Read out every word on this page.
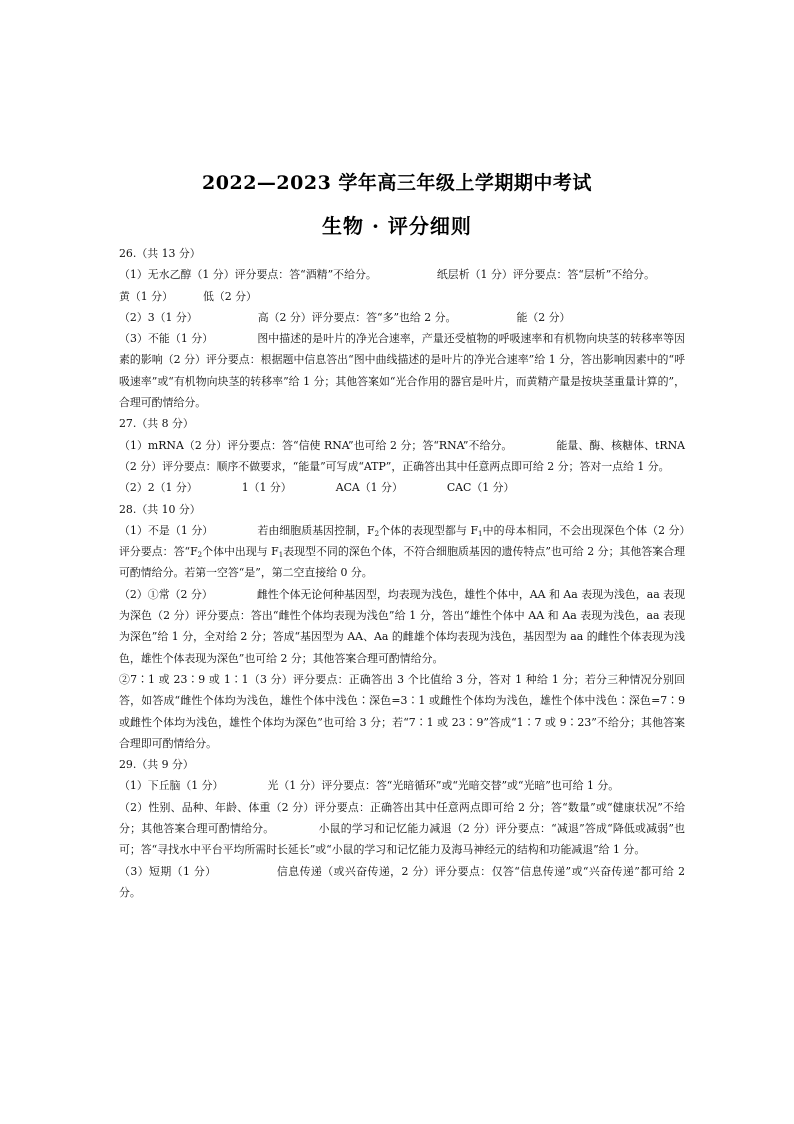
2022—2023 学年高三年级上学期期中考试
生物 · 评分细则

26.（共 13 分）

（1）无水乙醇（1 分）评分要点：答“酒精”不给分。	纸层析（1 分）评分要点：答“层析”不给分。黄（1 分）	低（2 分）

（2）3（1 分）	高（2 分）评分要点：答“多”也给 2 分。	能（2 分）

（3）不能（1 分）	图中描述的是叶片的净光合速率，产量还受植物的呼吸速率和有机物向块茎的转移率等因素的影响（2 分）评分要点：根据题中信息答出“图中曲线描述的是叶片的净光合速率”给 1 分，答出影响因素中的“呼吸速率”或“有机物向块茎的转移率”给 1 分；其他答案如“光合作用的器官是叶片，而黄精产量是按块茎重量计算的”，合理可酌情给分。

27.（共 8 分）

（1）mRNA（2 分）评分要点：答“信使 RNA”也可给 2 分；答“RNA”不给分。	能量、酶、核糖体、tRNA（2 分）评分要点：顺序不做要求，“能量”可写成“ATP”，正确答出其中任意两点即可给 2 分；答对一点给 1 分。

（2）2（1 分）	1（1 分）	ACA（1 分）	CAC（1 分）

28.（共 10 分）

（1）不是（1 分）	若由细胞质基因控制，$F_2$个体的表现型都与 $F_1$中的母本相同，不会出现深色个体（2 分）评分要点：答“$F_2$个体中出现与 $F_1$表现型不同的深色个体，不符合细胞质基因的遗传特点”也可给 2 分；其他答案合理可酌情给分。若第一空答“是”，第二空直接给 0 分。

（2）①常（2 分）	雌性个体无论何种基因型，均表现为浅色，雄性个体中，AA 和 Aa 表现为浅色，aa 表现为深色（2 分）评分要点：答出“雌性个体均表现为浅色”给 1 分，答出“雄性个体中 AA 和 Aa 表现为浅色，aa 表现为深色”给 1 分，全对给 2 分；答成“基因型为 AA、Aa 的雌雄个体均表现为浅色，基因型为 aa 的雌性个体表现为浅色，雄性个体表现为深色”也可给 2 分；其他答案合理可酌情给分。

②7∶1 或 23∶9 或 1∶1（3 分）评分要点：正确答出 3 个比值给 3 分，答对 1 种给 1 分；若分三种情况分别回答，如答成“雌性个体均为浅色，雄性个体中浅色∶深色=3∶1 或雌性个体均为浅色，雄性个体中浅色∶深色=7∶9 或雌性个体均为浅色，雄性个体均为深色”也可给 3 分；若“7∶1 或 23∶9”答成“1∶7 或 9∶23”不给分；其他答案合理即可酌情给分。

29.（共 9 分）

（1）下丘脑（1 分）	光（1 分）评分要点：答“光暗循环”或“光暗交替”或“光暗”也可给 1 分。

（2）性别、品种、年龄、体重（2 分）评分要点：正确答出其中任意两点即可给 2 分；答“数量”或“健康状况”不给分；其他答案合理可酌情给分。	小鼠的学习和记忆能力减退（2 分）评分要点：“减退”答成“降低或减弱”也可；答“寻找水中平台平均所需时长延长”或“小鼠的学习和记忆能力及海马神经元的结构和功能减退”给 1 分。

（3）短期（1 分）	信息传递（或兴奋传递，2 分）评分要点：仅答“信息传递”或“兴奋传递”都可给 2 分。
